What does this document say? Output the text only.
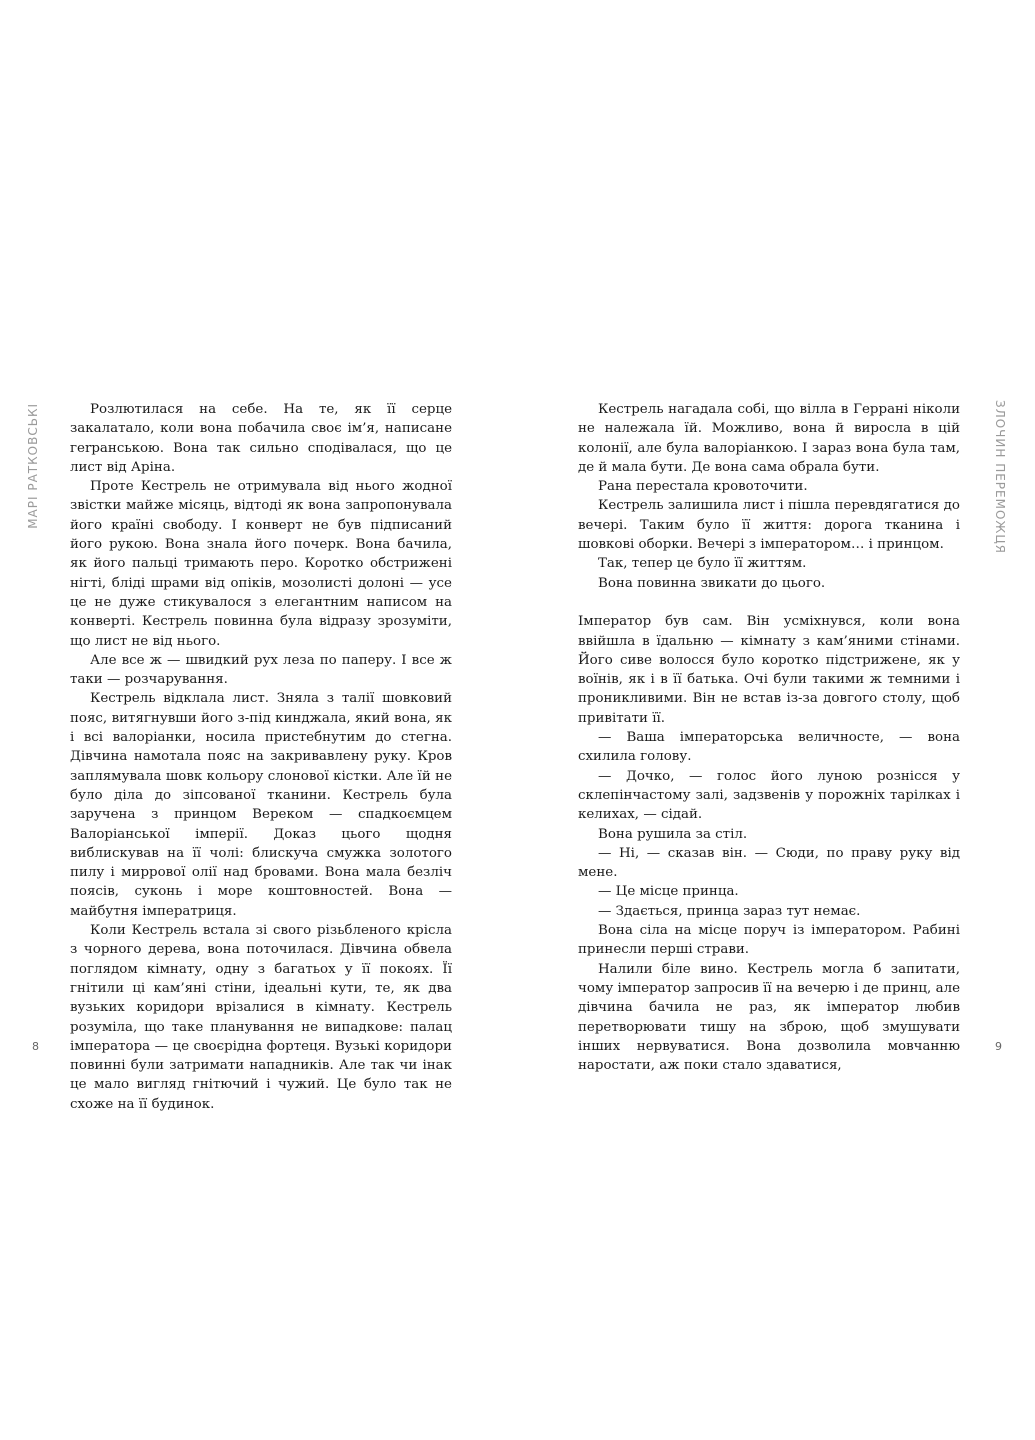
МАРІ РАТКОВСЬКІ	Розлютилася на себе. На те, як її серце закалатало, коли вона побачила своє ім’я, написане гerранською. Вона так сильно сподівалася, що це лист від Аріна.

Проте Кестрель не отримувала від нього жодної звістки майже місяць, відтоді як вона запропонувала його країні свободу. І конверт не був підписаний його рукою. Вона знала його почерк. Вона бачила, як його пальці тримають перо. Коротко обстрижені нігті, бліді шрами від опіків, мозолисті долоні — усе це не дуже стикувалося з елегантним написом на конверті. Кестрель повинна була відразу зрозуміти, що лист не від нього.

Але все ж — швидкий рух леза по паперу. І все ж таки — розчарування.

Кестрель відклала лист. Зняла з талії шовковий пояс, витягнувши його з-під кинджала, який вона, як і всі валоріанки, носила пристебнутим до стегна. Дівчина намотала пояс на закривавлену руку. Кров заплямувала шовк кольору слонової кістки. Але їй не було діла до зіпсованої тканини. Кестрель була заручена з принцом Вереком — спадкоємцем Валоріанської імперії. Доказ цього щодня виблискував на її чолі: блискуча смужка золотого пилу і миррової олії над бровами. Вона мала безліч поясів, суконь і море коштовностей. Вона — майбутня імператриця.

Коли Кестрель встала зі свого різьбленого крісла з чорного дерева, вона поточилася. Дівчина обвела поглядом кімнату, одну з багатьох у її покоях. Її гнітили ці кам’яні стіни, ідеальні кути, те, як два вузьких коридори врізалися в кімнату. Кестрель розуміла, що таке планування не випадкове: палац імператора — це своєрідна фортеця. Вузькі коридори повинні були затримати нападників. Але так чи інак це мало вигляд гнітючий і чужий. Це було так не схоже на її будинок.

8
ЗЛОЧИН ПЕРЕМОЖЦЯ

Кестрель нагадала собі, що вілла в Геррані ніколи не належала їй. Можливо, вона й виросла в цій колонії, але була валоріанкою. І зараз вона була там, де й мала бути. Де вона сама обрала бути.

Рана перестала кровоточити.

Кестрель залишила лист і пішла перевдягатися до вечері. Таким було її життя: дорога тканина і шовкові оборки. Вечері з імператором… і принцом.

Так, тепер це було її життям.

Вона повинна звикати до цього.

Імператор був сам. Він усміхнувся, коли вона ввійшла в їдальню — кімнату з кам’яними стінами. Його сиве волосся було коротко підстрижене, як у воїнів, як і в її батька. Очі були такими ж темними і проникливими. Він не встав із-за довгого столу, щоб привітати її.

— Ваша імператорська величносте, — вона схилила голову.

— Дочко, — голос його луною розніcся у склепінчастому залі, задзвенів у порожніх тарілках і келихах, — сідай.

Вона рушила за стіл.

— Ні, — сказав він. — Сюди, по праву руку від мене.

— Це місце принца.

— Здається, принца зараз тут немає.

Вона сіла на місце поруч із імператором. Рабині принесли перші страви.

Налили біле вино. Кестрель могла б запитати, чому імператор запросив її на вечерю і де принц, але дівчина бачила не раз, як імператор любив перетворювати тишу на зброю, щоб змушувати інших нервуватися. Вона дозволила мовчанню наростати, аж поки стало здаватися,

9
